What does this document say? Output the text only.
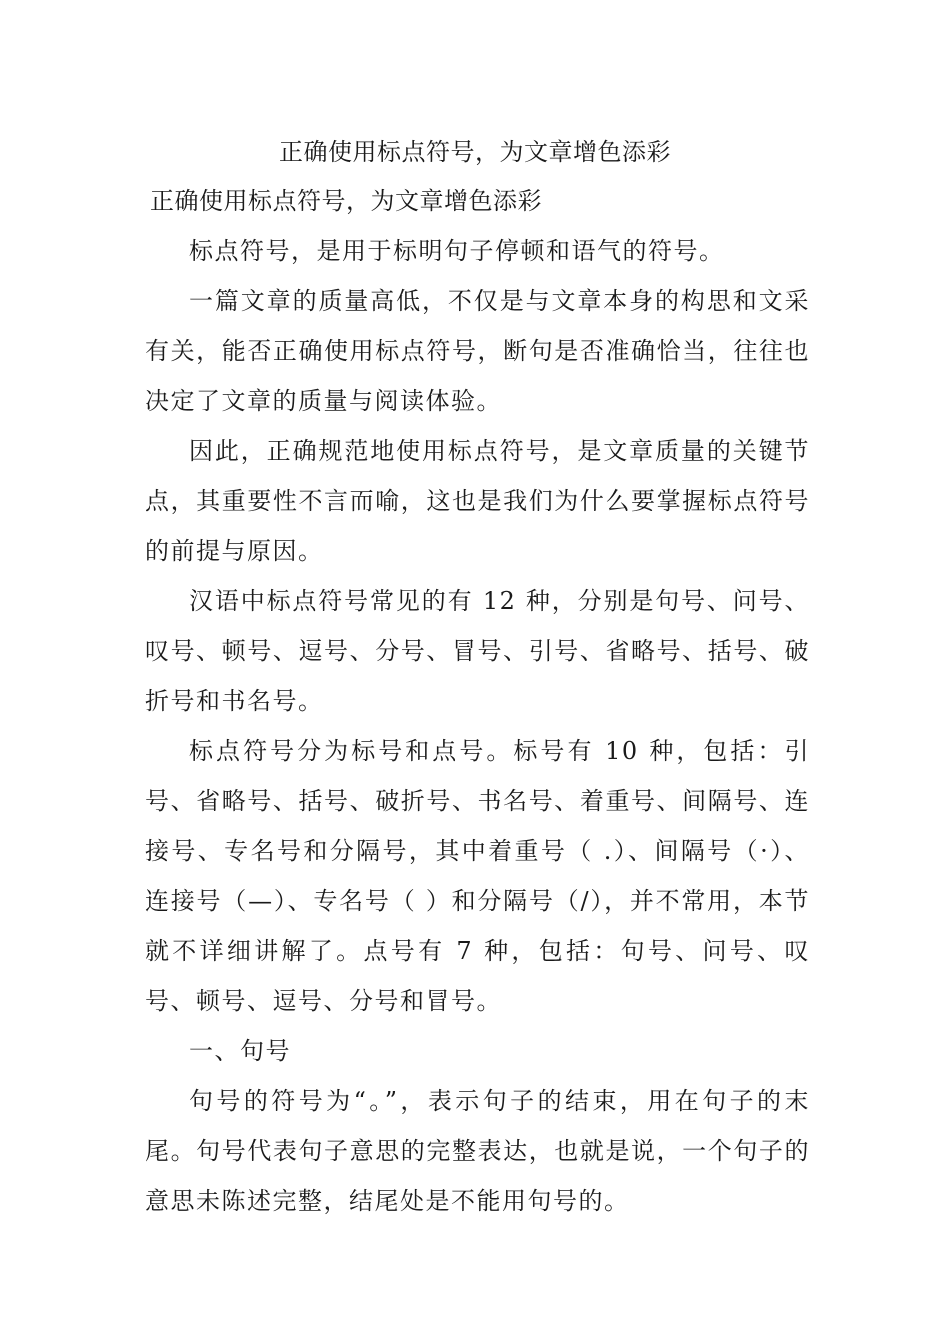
正确使用标点符号，为文章增色添彩
正确使用标点符号，为文章增色添彩

标点符号，是用于标明句子停顿和语气的符号。

一篇文章的质量高低，不仅是与文章本身的构思和文采有关，能否正确使用标点符号，断句是否准确恰当，往往也决定了文章的质量与阅读体验。

因此，正确规范地使用标点符号，是文章质量的关键节点，其重要性不言而喻，这也是我们为什么要掌握标点符号的前提与原因。

汉语中标点符号常见的有 12 种，分别是句号、问号、叹号、顿号、逗号、分号、冒号、引号、省略号、括号、破折号和书名号。

标点符号分为标号和点号。标号有 10 种，包括：引号、省略号、括号、破折号、书名号、着重号、间隔号、连接号、专名号和分隔号，其中着重号（ .）、间隔号（·）、连接号（—）、专名号（ ）和分隔号（/），并不常用，本节就不详细讲解了。点号有 7 种，包括：句号、问号、叹号、顿号、逗号、分号和冒号。

一、句号

句号的符号为“。”，表示句子的结束，用在句子的末尾。句号代表句子意思的完整表达，也就是说，一个句子的意思未陈述完整，结尾处是不能用句号的。
